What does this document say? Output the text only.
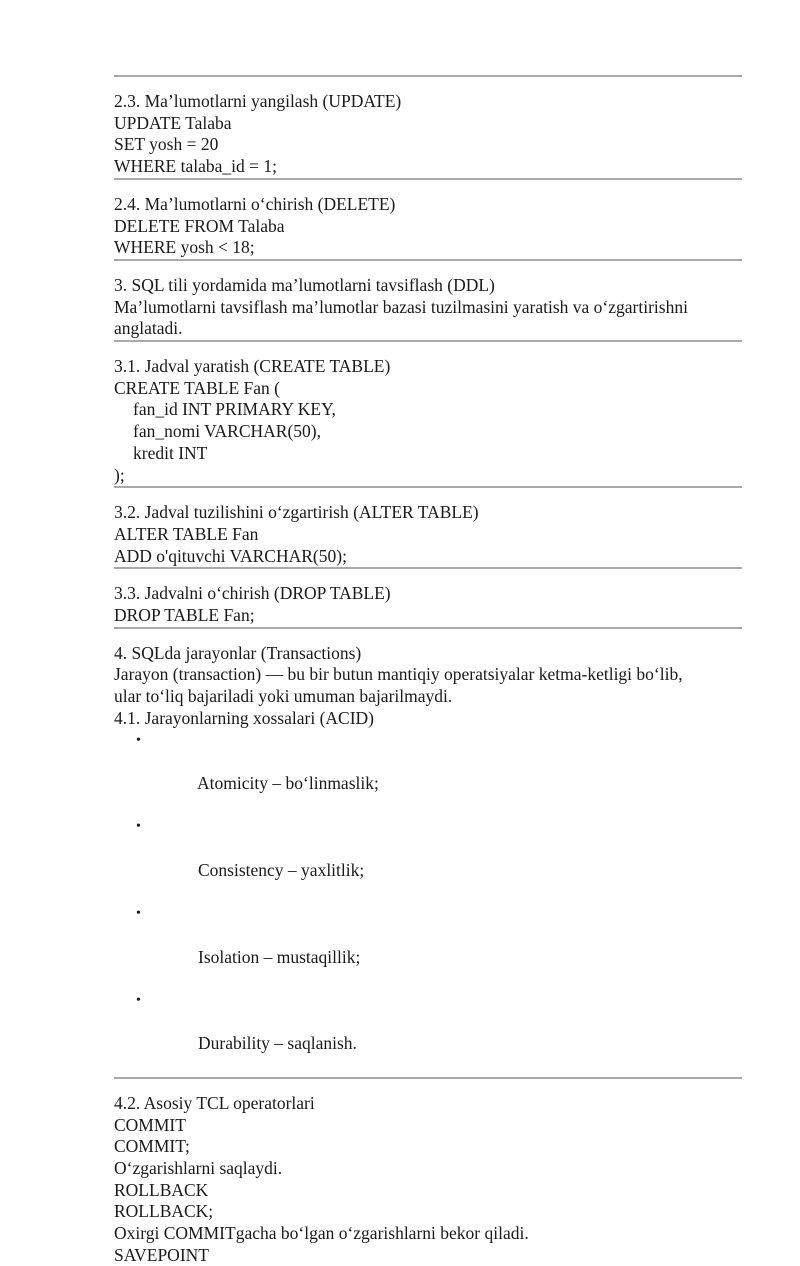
2.3. Ma’lumotlarni yangilash (UPDATE)
UPDATE Talaba
SET yosh = 20
WHERE talaba_id = 1;
2.4. Ma’lumotlarni o‘chirish (DELETE)
DELETE FROM Talaba
WHERE yosh < 18;
3. SQL tili yordamida ma’lumotlarni tavsiflash (DDL)
Ma’lumotlarni tavsiflash ma’lumotlar bazasi tuzilmasini yaratish va o‘zgartirishni anglatadi.
3.1. Jadval yaratish (CREATE TABLE)
CREATE TABLE Fan (
fan_id INT PRIMARY KEY,
fan_nomi VARCHAR(50),
kredit INT
);
3.2. Jadval tuzilishini o‘zgartirish (ALTER TABLE)
ALTER TABLE Fan
ADD o'qituvchi VARCHAR(50);
3.3. Jadvalni o‘chirish (DROP TABLE)
DROP TABLE Fan;
4. SQLda jarayonlar (Transactions)
Jarayon (transaction) — bu bir butun mantiqiy operatsiyalar ketma-ketligi bo‘lib,
ular to‘liq bajariladi yoki umuman bajarilmaydi.
4.1. Jarayonlarning xossalari (ACID)

•

Atomicity – bo‘linmaslik;

•

Consistency – yaxlitlik;

•

Isolation – mustaqillik;

•

Durability – saqlanish.

4.2. Asosiy TCL operatorlari
COMMIT
COMMIT;
O‘zgarishlarni saqlaydi.
ROLLBACK
ROLLBACK;
Oxirgi COMMITgacha bo‘lgan o‘zgarishlarni bekor qiladi.
SAVEPOINT
